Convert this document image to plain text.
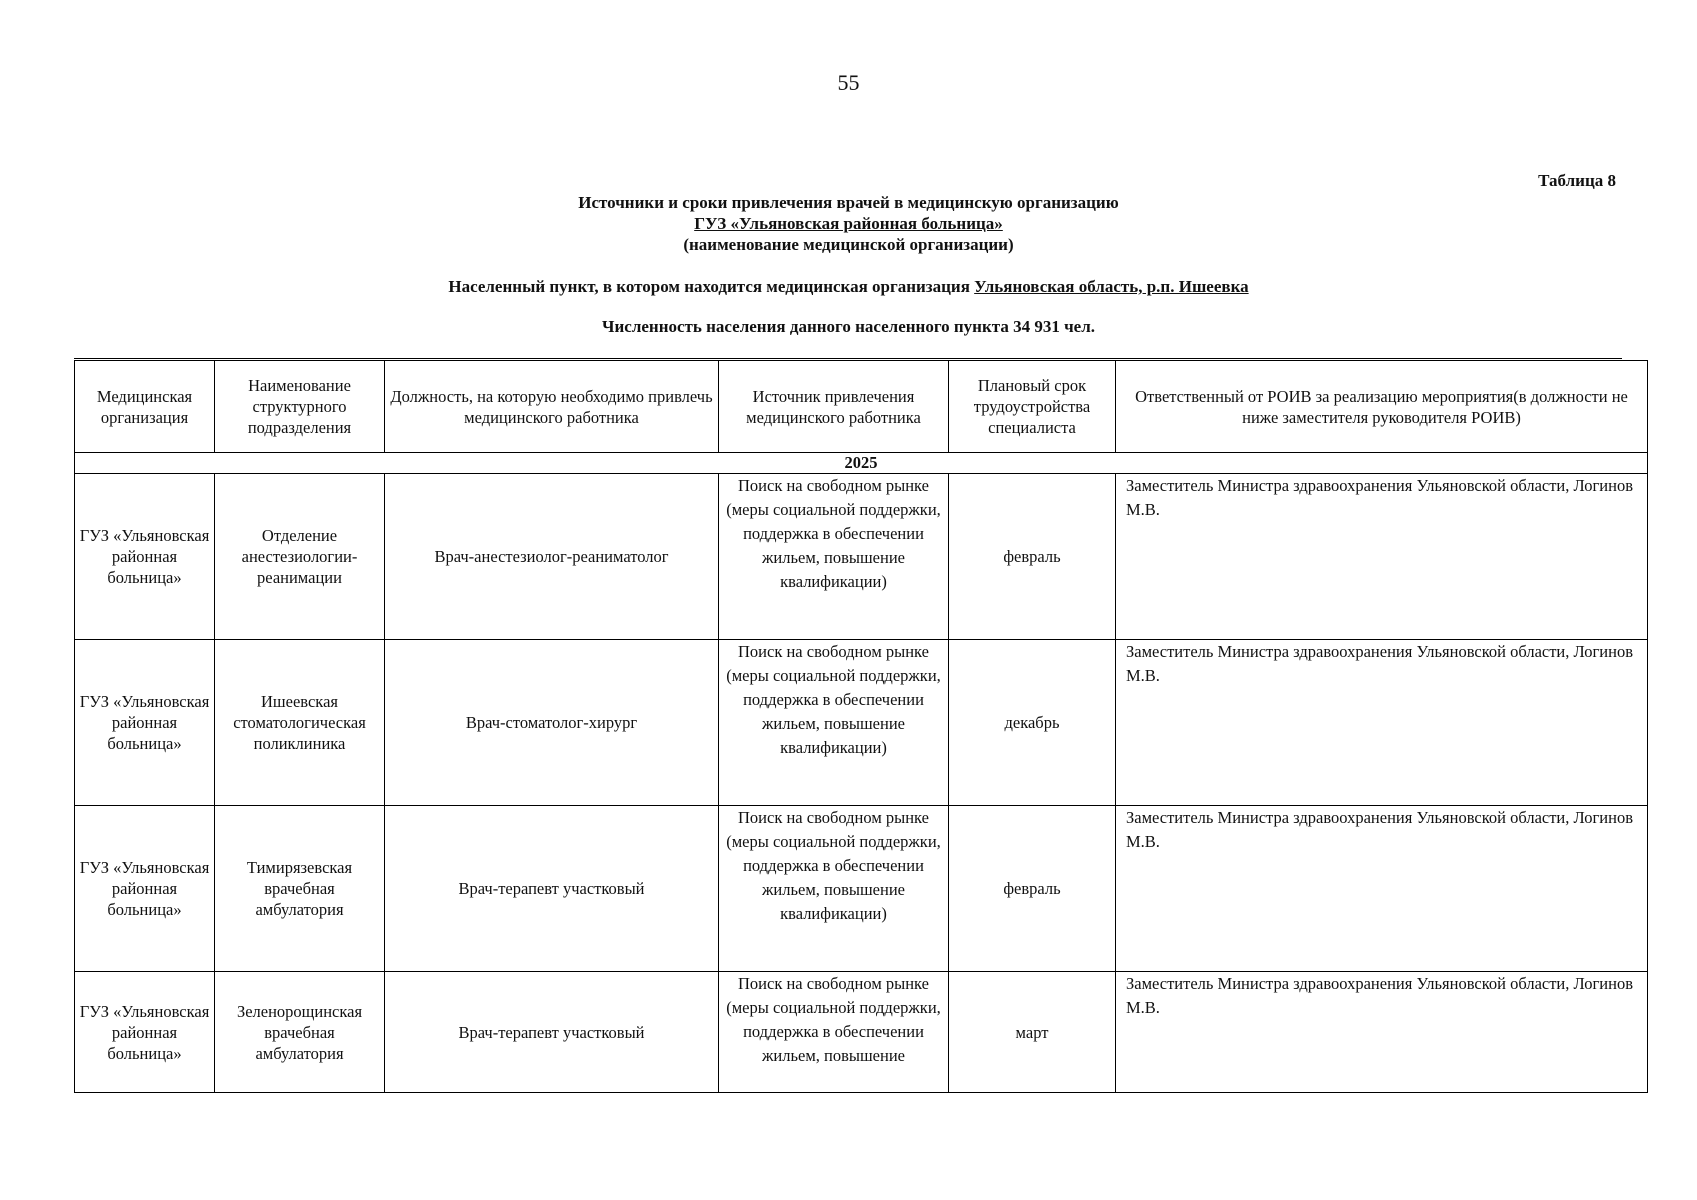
55
Таблица 8
Источники и сроки привлечения врачей в медицинскую организацию
ГУЗ «Ульяновская районная больница»
(наименование медицинской организации)
Населенный пункт, в котором находится медицинская организация Ульяновская область, р.п. Ишеевка
Численность населения данного населенного пункта 34 931 чел.
Медицинская организация	Наименование структурного подразделения	Должность, на которую необходимо привлечь медицинского работника	Источник привлечения медицинского работника	Плановый срок трудоустройства специалиста	Ответственный от РОИВ за реализацию мероприятия(в должности не ниже заместителя руководителя РОИВ)
2025					
ГУЗ «Ульяновская районная больница»	Отделение анестезиологии-реанимации	Врач-анестезиолог-реаниматолог	Поиск на свободном рынке (меры социальной поддержки, поддержка в обеспечении жильем, повышение квалификации)	февраль	Заместитель Министра здравоохранения Ульяновской области, Логинов М.В.
ГУЗ «Ульяновская районная больница»	Ишеевская стоматологическая поликлиника	Врач-стоматолог-хирург	Поиск на свободном рынке (меры социальной поддержки, поддержка в обеспечении жильем, повышение квалификации)	декабрь	Заместитель Министра здравоохранения Ульяновской области, Логинов М.В.
ГУЗ «Ульяновская районная больница»	Тимирязевская врачебная амбулатория	Врач-терапевт участковый	Поиск на свободном рынке (меры социальной поддержки, поддержка в обеспечении жильем, повышение квалификации)	февраль	Заместитель Министра здравоохранения Ульяновской области, Логинов М.В.
ГУЗ «Ульяновская районная больница»	Зеленорощинская врачебная амбулатория	Врач-терапевт участковый	Поиск на свободном рынке (меры социальной поддержки, поддержка в обеспечении жильем, повышение	март	Заместитель Министра здравоохранения Ульяновской области, Логинов М.В.
